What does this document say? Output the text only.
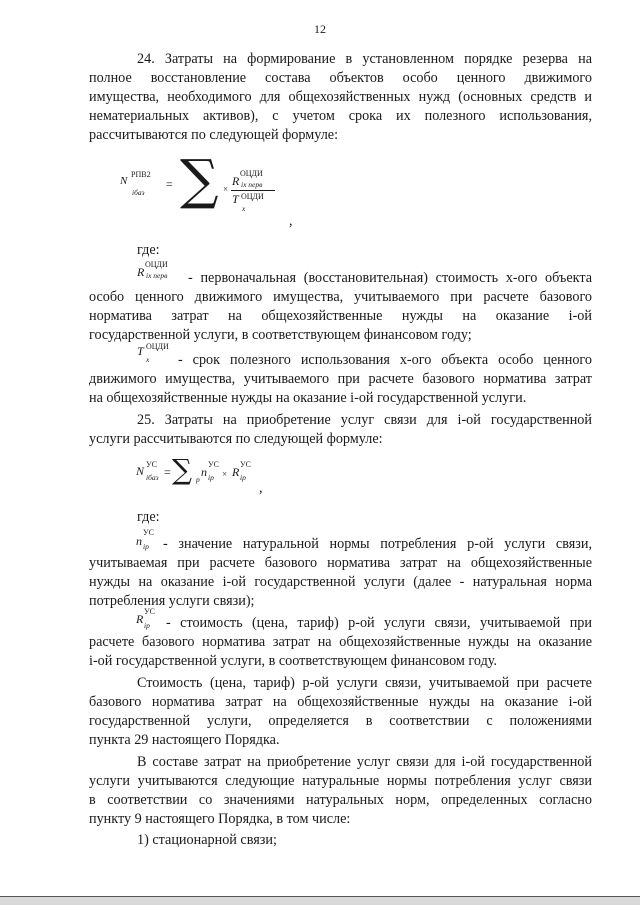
12
24. Затраты на формирование в установленном порядке резерва на
полное восстановление состава объектов особо ценного движимого
имущества, необходимого для общехозяйственных нужд (основных средств и
нематериальных активов), с учетом срока их полезного использования,
рассчитываются по следующей формуле:
N
РПВ2
iбаз
= ∑ ×
R
ОЦДИ
iх перв
T ОЦДИ
х
,
где:
R
ОЦДИ
iх перв - первоначальная (восстановительная) стоимость х-ого объекта
особо ценного движимого имущества, учитываемого при расчете базового
норматива затрат на общехозяйственные нужды на оказание i-ой
государственной услуги, в соответствующем финансовом году;
T ОЦДИ
х - срок полезного использования х-ого объекта особо ценного
движимого имущества, учитываемого при расчете базового норматива затрат
на общехозяйственные нужды на оказание i-ой государственной услуги.
25. Затраты на приобретение услуг связи для i-ой государственной
услуги рассчитываются по следующей формуле:
N УС
iбаз = ∑ p
n
УС
ip × R
УС
ip
,
где:
n
УС
ip - значение натуральной нормы потребления р-ой услуги связи,
учитываемая при расчете базового норматива затрат на общехозяйственные
нужды на оказание i-ой государственной услуги (далее - натуральная норма
потребления услуги связи);
R
УС
ip - стоимость (цена, тариф) р-ой услуги связи, учитываемой при
расчете базового норматива затрат на общехозяйственные нужды на оказание
i-ой государственной услуги, в соответствующем финансовом году.
Стоимость (цена, тариф) р-ой услуги связи, учитываемой при расчете
базового норматива затрат на общехозяйственные нужды на оказание i-ой
государственной услуги, определяется в соответствии с положениями
пункта 29 настоящего Порядка.
В составе затрат на приобретение услуг связи для i-ой государственной
услуги учитываются следующие натуральные нормы потребления услуг связи
в соответствии со значениями натуральных норм, определенных согласно
пункту 9 настоящего Порядка, в том числе:
1) стационарной связи;
